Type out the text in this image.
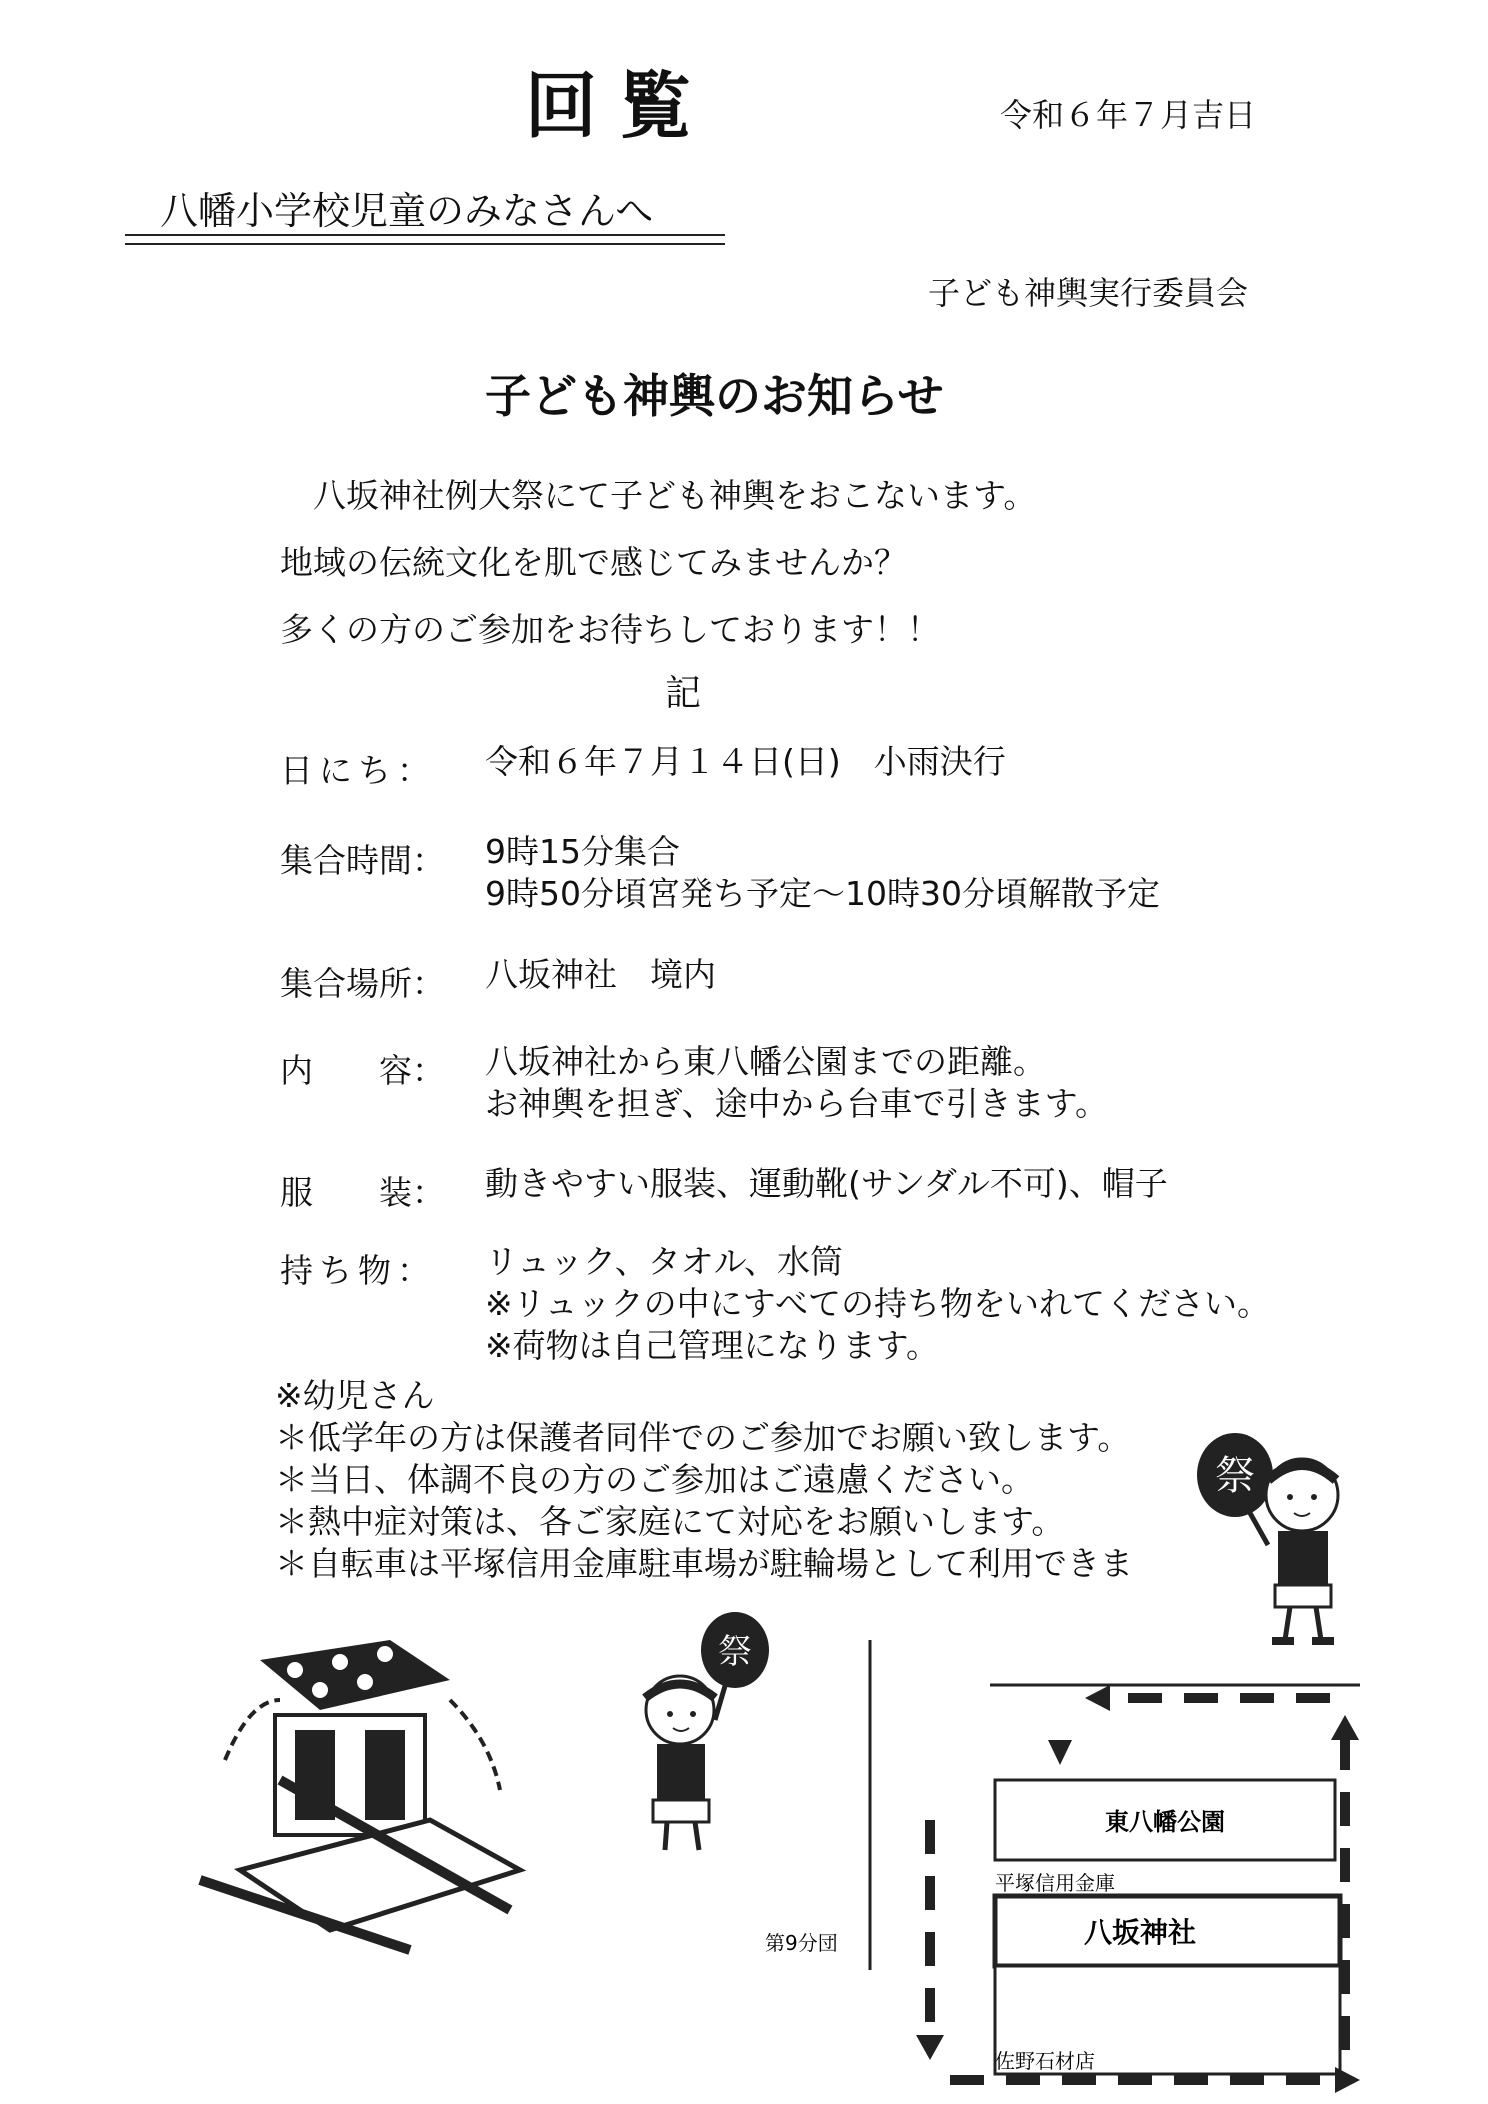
回覧	令和６年７月吉日
八幡小学校児童のみなさんへ
子ども神輿実行委員会
子ども神輿のお知らせ
八坂神社例大祭にて子ども神輿をおこないます。
地域の伝統文化を肌で感じてみませんか？
多くの方のご参加をお待ちしております！！
記
日にち： 令和６年７月１４日(日)　小雨決行
集合時間： 9時15分集合
9時50分頃宮発ち予定〜10時30分頃解散予定
集合場所： 八坂神社　境内
内　　容： 八坂神社から東八幡公園までの距離。
お神輿を担ぎ、途中から台車で引きます。
服　　装： 動きやすい服装、運動靴(サンダル不可)、帽子
持ち物： リュック、タオル、水筒
※リュックの中にすべての持ち物をいれてください。
※荷物は自己管理になります。
※幼児さん
＊低学年の方は保護者同伴でのご参加でお願い致します。
＊当日、体調不良の方のご参加はご遠慮ください。
＊熱中症対策は、各ご家庭にて対応をお願いします。
＊自転車は平塚信用金庫駐車場が駐輪場として利用できま
祭
祭
東八幡公園
平塚信用金庫
八坂神社
佐野石材店
第9分団
